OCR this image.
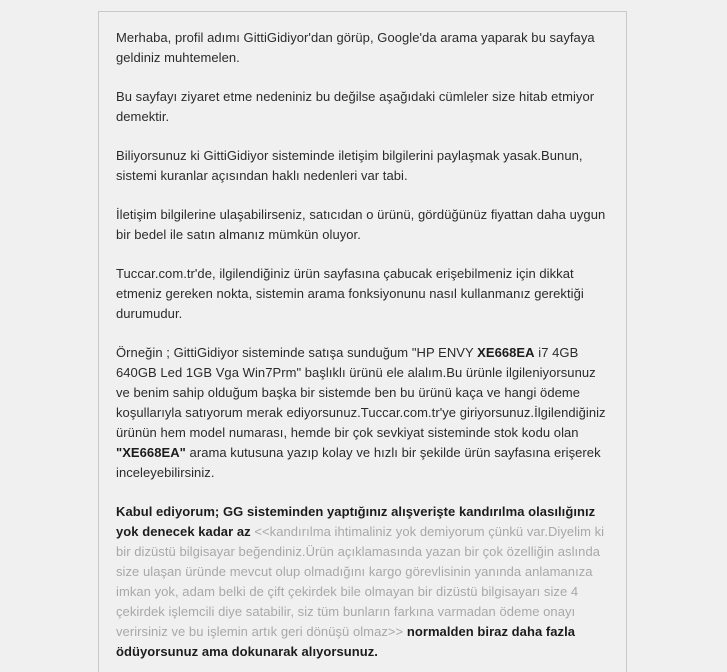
Merhaba, profil adımı GittiGidiyor'dan görüp, Google'da arama yaparak bu sayfaya geldiniz muhtemelen.

Bu sayfayı ziyaret etme nedeniniz bu değilse aşağıdaki cümleler size hitab etmiyor demektir.

Biliyorsunuz ki GittiGidiyor sisteminde iletişim bilgilerini paylaşmak yasak.Bunun, sistemi kuranlar açısından haklı nedenleri var tabi.

İletişim bilgilerine ulaşabilirseniz, satıcıdan o ürünü, gördüğünüz fiyattan daha uygun bir bedel ile satın almanız mümkün oluyor.

Tuccar.com.tr'de, ilgilendiğiniz ürün sayfasına çabucak erişebilmeniz için dikkat etmeniz gereken nokta, sistemin arama fonksiyonunu nasıl kullanmanız gerektiği durumudur.

Örneğin ; GittiGidiyor sisteminde satışa sunduğum "HP ENVY XE668EA i7 4GB 640GB Led 1GB Vga Win7Prm" başlıklı ürünü ele alalım.Bu ürünle ilgileniyorsunuz ve benim sahip olduğum başka bir sistemde ben bu ürünü kaça ve hangi ödeme koşullarıyla satıyorum merak ediyorsunuz.Tuccar.com.tr'ye giriyorsunuz.İlgilendiğiniz ürünün hem model numarası, hemde bir çok sevkiyat sisteminde stok kodu olan "XE668EA" arama kutusuna yazıp kolay ve hızlı bir şekilde ürün sayfasına erişerek inceleyebilirsiniz.

Kabul ediyorum; GG sisteminden yaptığınız alışverişte kandırılma olasılığınız yok denecek kadar az <<kandırılma ihtimaliniz yok demiyorum çünkü var.Diyelim ki bir dizüstü bilgisayar beğendiniz.Ürün açıklamasında yazan bir çok özelliğin aslında size ulaşan üründe mevcut olup olmadığını kargo görevlisinin yanında anlamanıza imkan yok, adam belki de çift çekirdek bile olmayan bir dizüstü bilgisayarı size 4 çekirdek işlemcili diye satabilir, siz tüm bunların farkına varmadan ödeme onayı verirsiniz ve bu işlemin artık geri dönüşü olmaz>> normalden biraz daha fazla ödüyorsunuz ama dokunarak alıyorsunuz.
